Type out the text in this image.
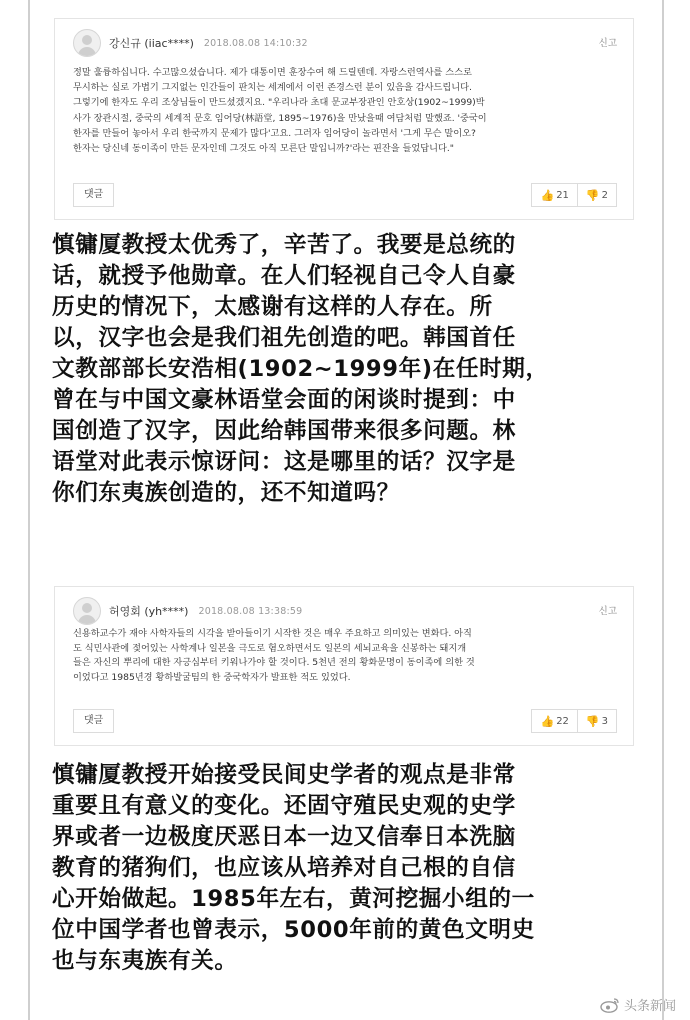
강신규 (iiac****) 2018.08.08 14:10:32	신고
정말 훌륭하십니다. 수고많으셨습니다. 제가 대통이면 훈장수여 해 드릴텐데. 자랑스런역사를 스스로
무시하는 실로 가볍기 그지없는 인간들이 판치는 세계에서 이런 존경스런 분이 있음을 감사드립니다.
그렇기에 한자도 우리 조상님들이 만드셨겠지요. "우리나라 초대 문교부장관인 안호상(1902~1999)박
사가 장관시절, 중국의 세계적 문호 임어당(林語堂, 1895~1976)을 만났을때 여담처럼 말했죠. '중국이
한자를 만들어 놓아서 우리 한국까지 문제가 많다'고요. 그러자 임어당이 놀라면서 '그게 무슨 말이오?
한자는 당신네 동이족이 만든 문자인데 그것도 아직 모른단 말입니까?'라는 핀잔을 들었답니다."
댓글	👍 21 👎 2
慎镛厦教授太优秀了，辛苦了。我要是总统的
话，就授予他勋章。在人们轻视自己令人自豪
历史的情况下，太感谢有这样的人存在。所
以，汉字也会是我们祖先创造的吧。韩国首任
文教部部长安浩相(1902~1999年)在任时期，
曾在与中国文豪林语堂会面的闲谈时提到：中
国创造了汉字，因此给韩国带来很多问题。林
语堂对此表示惊讶问：这是哪里的话？汉字是
你们东夷族创造的，还不知道吗？
허영회 (yh****) 2018.08.08 13:38:59	신고
신용하교수가 재야 사학자들의 시각을 받아들이기 시작한 것은 매우 주요하고 의미있는 변화다. 아직
도 식민사관에 젖어있는 사학계나 일본을 극도로 혐오하면서도 일본의 세뇌교육을 신봉하는 돼지개
들은 자신의 뿌리에 대한 자긍심부터 키워나가야 할 것이다. 5천년 전의 황화문명이 동이족에 의한 것
이었다고 1985년경 황하발굴팀의 한 중국학자가 발표한 적도 있었다.
댓글	👍 22 👎 3
慎镛厦教授开始接受民间史学者的观点是非常
重要且有意义的变化。还固守殖民史观的史学
界或者一边极度厌恶日本一边又信奉日本洗脑
教育的猪狗们，也应该从培养对自己根的自信
心开始做起。1985年左右，黄河挖掘小组的一
位中国学者也曾表示，5000年前的黄色文明史
也与东夷族有关。
头条新闻
